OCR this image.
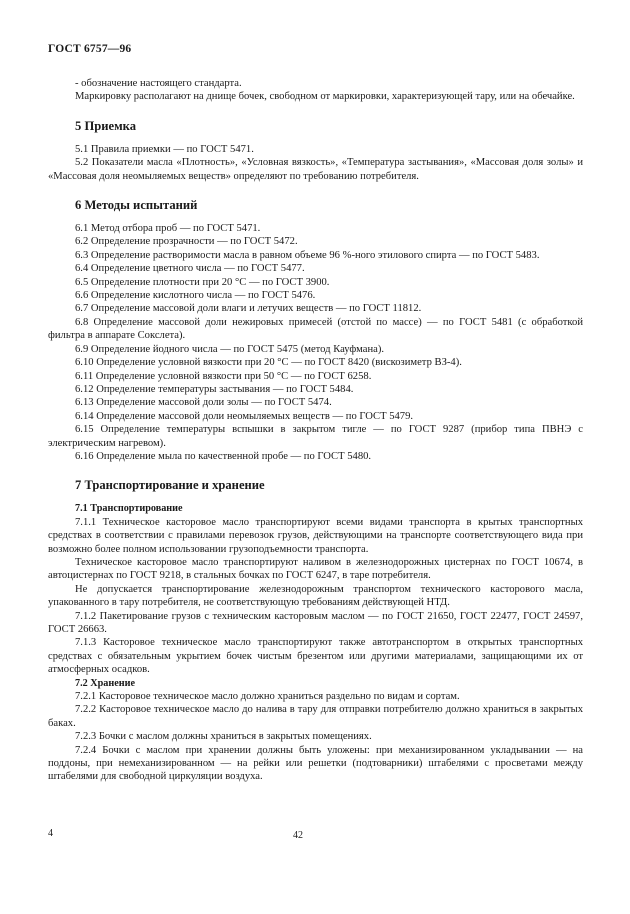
ГОСТ 6757—96

- обозначение настоящего стандарта.

Маркировку располагают на днище бочек, свободном от маркировки, характеризующей тару, или на обечайке.

5 Приемка

5.1 Правила приемки — по ГОСТ 5471.

5.2 Показатели масла «Плотность», «Условная вязкость», «Температура застывания», «Массовая доля золы» и «Массовая доля неомыляемых веществ» определяют по требованию потребителя.

6 Методы испытаний

6.1 Метод отбора проб — по ГОСТ 5471.

6.2 Определение прозрачности — по ГОСТ 5472.

6.3 Определение растворимости масла в равном объеме 96 %-ного этилового спирта — по ГОСТ 5483.

6.4 Определение цветного числа — по ГОСТ 5477.

6.5 Определение плотности при 20 °С — по ГОСТ 3900.

6.6 Определение кислотного числа — по ГОСТ 5476.

6.7 Определение массовой доли влаги и летучих веществ — по ГОСТ 11812.

6.8 Определение массовой доли нежировых примесей (отстой по массе) — по ГОСТ 5481 (с обработкой фильтра в аппарате Сокслета).

6.9 Определение йодного числа — по ГОСТ 5475 (метод Кауфмана).

6.10 Определение условной вязкости при 20 °С — по ГОСТ 8420 (вискозиметр ВЗ-4).

6.11 Определение условной вязкости при 50 °С — по ГОСТ 6258.

6.12 Определение температуры застывания — по ГОСТ 5484.

6.13 Определение массовой доли золы — по ГОСТ 5474.

6.14 Определение массовой доли неомыляемых веществ — по ГОСТ 5479.

6.15 Определение температуры вспышки в закрытом тигле — по ГОСТ 9287 (прибор типа ПВНЭ с электрическим нагревом).

6.16 Определение мыла по качественной пробе — по ГОСТ 5480.

7 Транспортирование и хранение

7.1 Транспортирование

7.1.1 Техническое касторовое масло транспортируют всеми видами транспорта в крытых транспортных средствах в соответствии с правилами перевозок грузов, действующими на транспорте соответствующего вида при возможно более полном использовании грузоподъемности транспорта.

Техническое касторовое масло транспортируют наливом в железнодорожных цистернах по ГОСТ 10674, в автоцистернах по ГОСТ 9218, в стальных бочках по ГОСТ 6247, в таре потребителя.

Не допускается транспортирование железнодорожным транспортом технического касторового масла, упакованного в тару потребителя, не соответствующую требованиям действующей НТД.

7.1.2 Пакетирование грузов с техническим касторовым маслом — по ГОСТ 21650, ГОСТ 22477, ГОСТ 24597, ГОСТ 26663.

7.1.3 Касторовое техническое масло транспортируют также автотранспортом в открытых транспортных средствах с обязательным укрытием бочек чистым брезентом или другими материалами, защищающими их от атмосферных осадков.

7.2 Хранение

7.2.1 Касторовое техническое масло должно храниться раздельно по видам и сортам.

7.2.2 Касторовое техническое масло до налива в тару для отправки потребителю должно храниться в закрытых баках.

7.2.3 Бочки с маслом должны храниться в закрытых помещениях.

7.2.4 Бочки с маслом при хранении должны быть уложены: при механизированном укладывании — на поддоны, при немеханизированном — на рейки или решетки (подтоварники) штабелями с просветами между штабелями для свободной циркуляции воздуха.

4	42
